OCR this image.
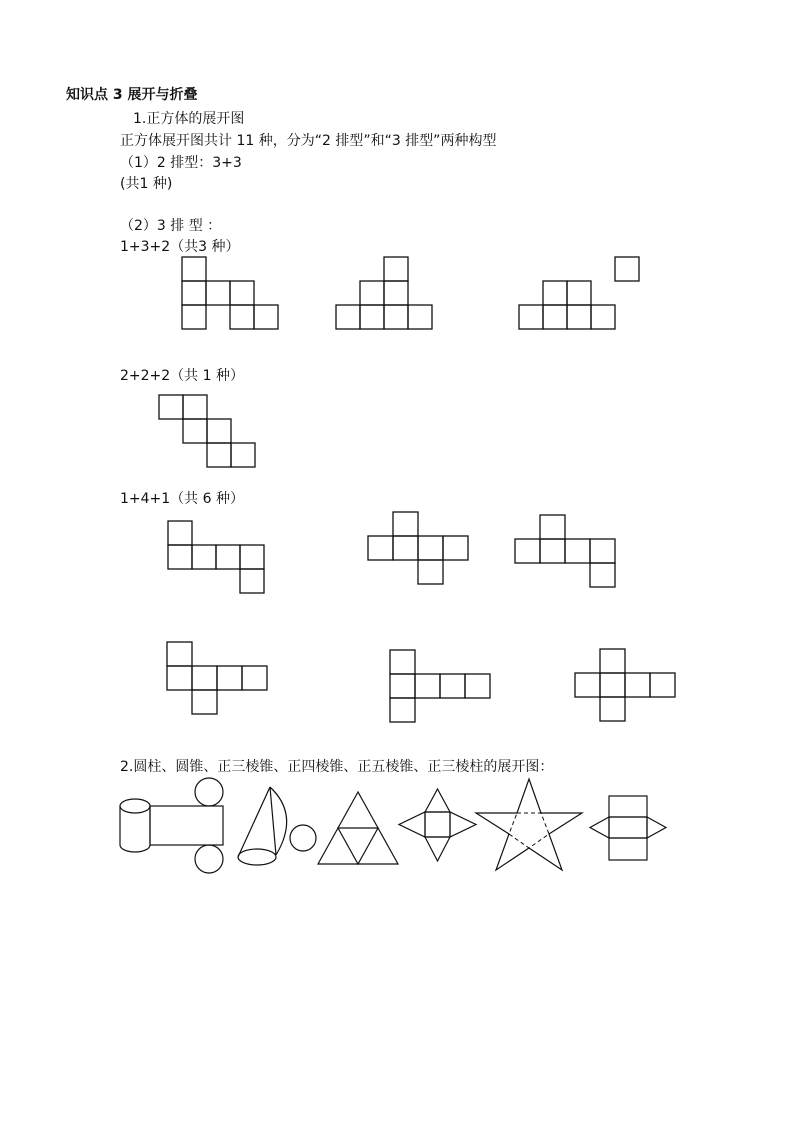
知识点 3 展开与折叠
1.正方体的展开图
正方体展开图共计 11 种，分为“2 排型”和“3 排型”两种构型
（1）2 排型：3+3
(共1 种)
（2）3 排 型 ：
1+3+2（共3 种）
2+2+2（共 1 种）
1+4+1（共 6 种）
2.圆柱、圆锥、正三棱锥、正四棱锥、正五棱锥、正三棱柱的展开图：
